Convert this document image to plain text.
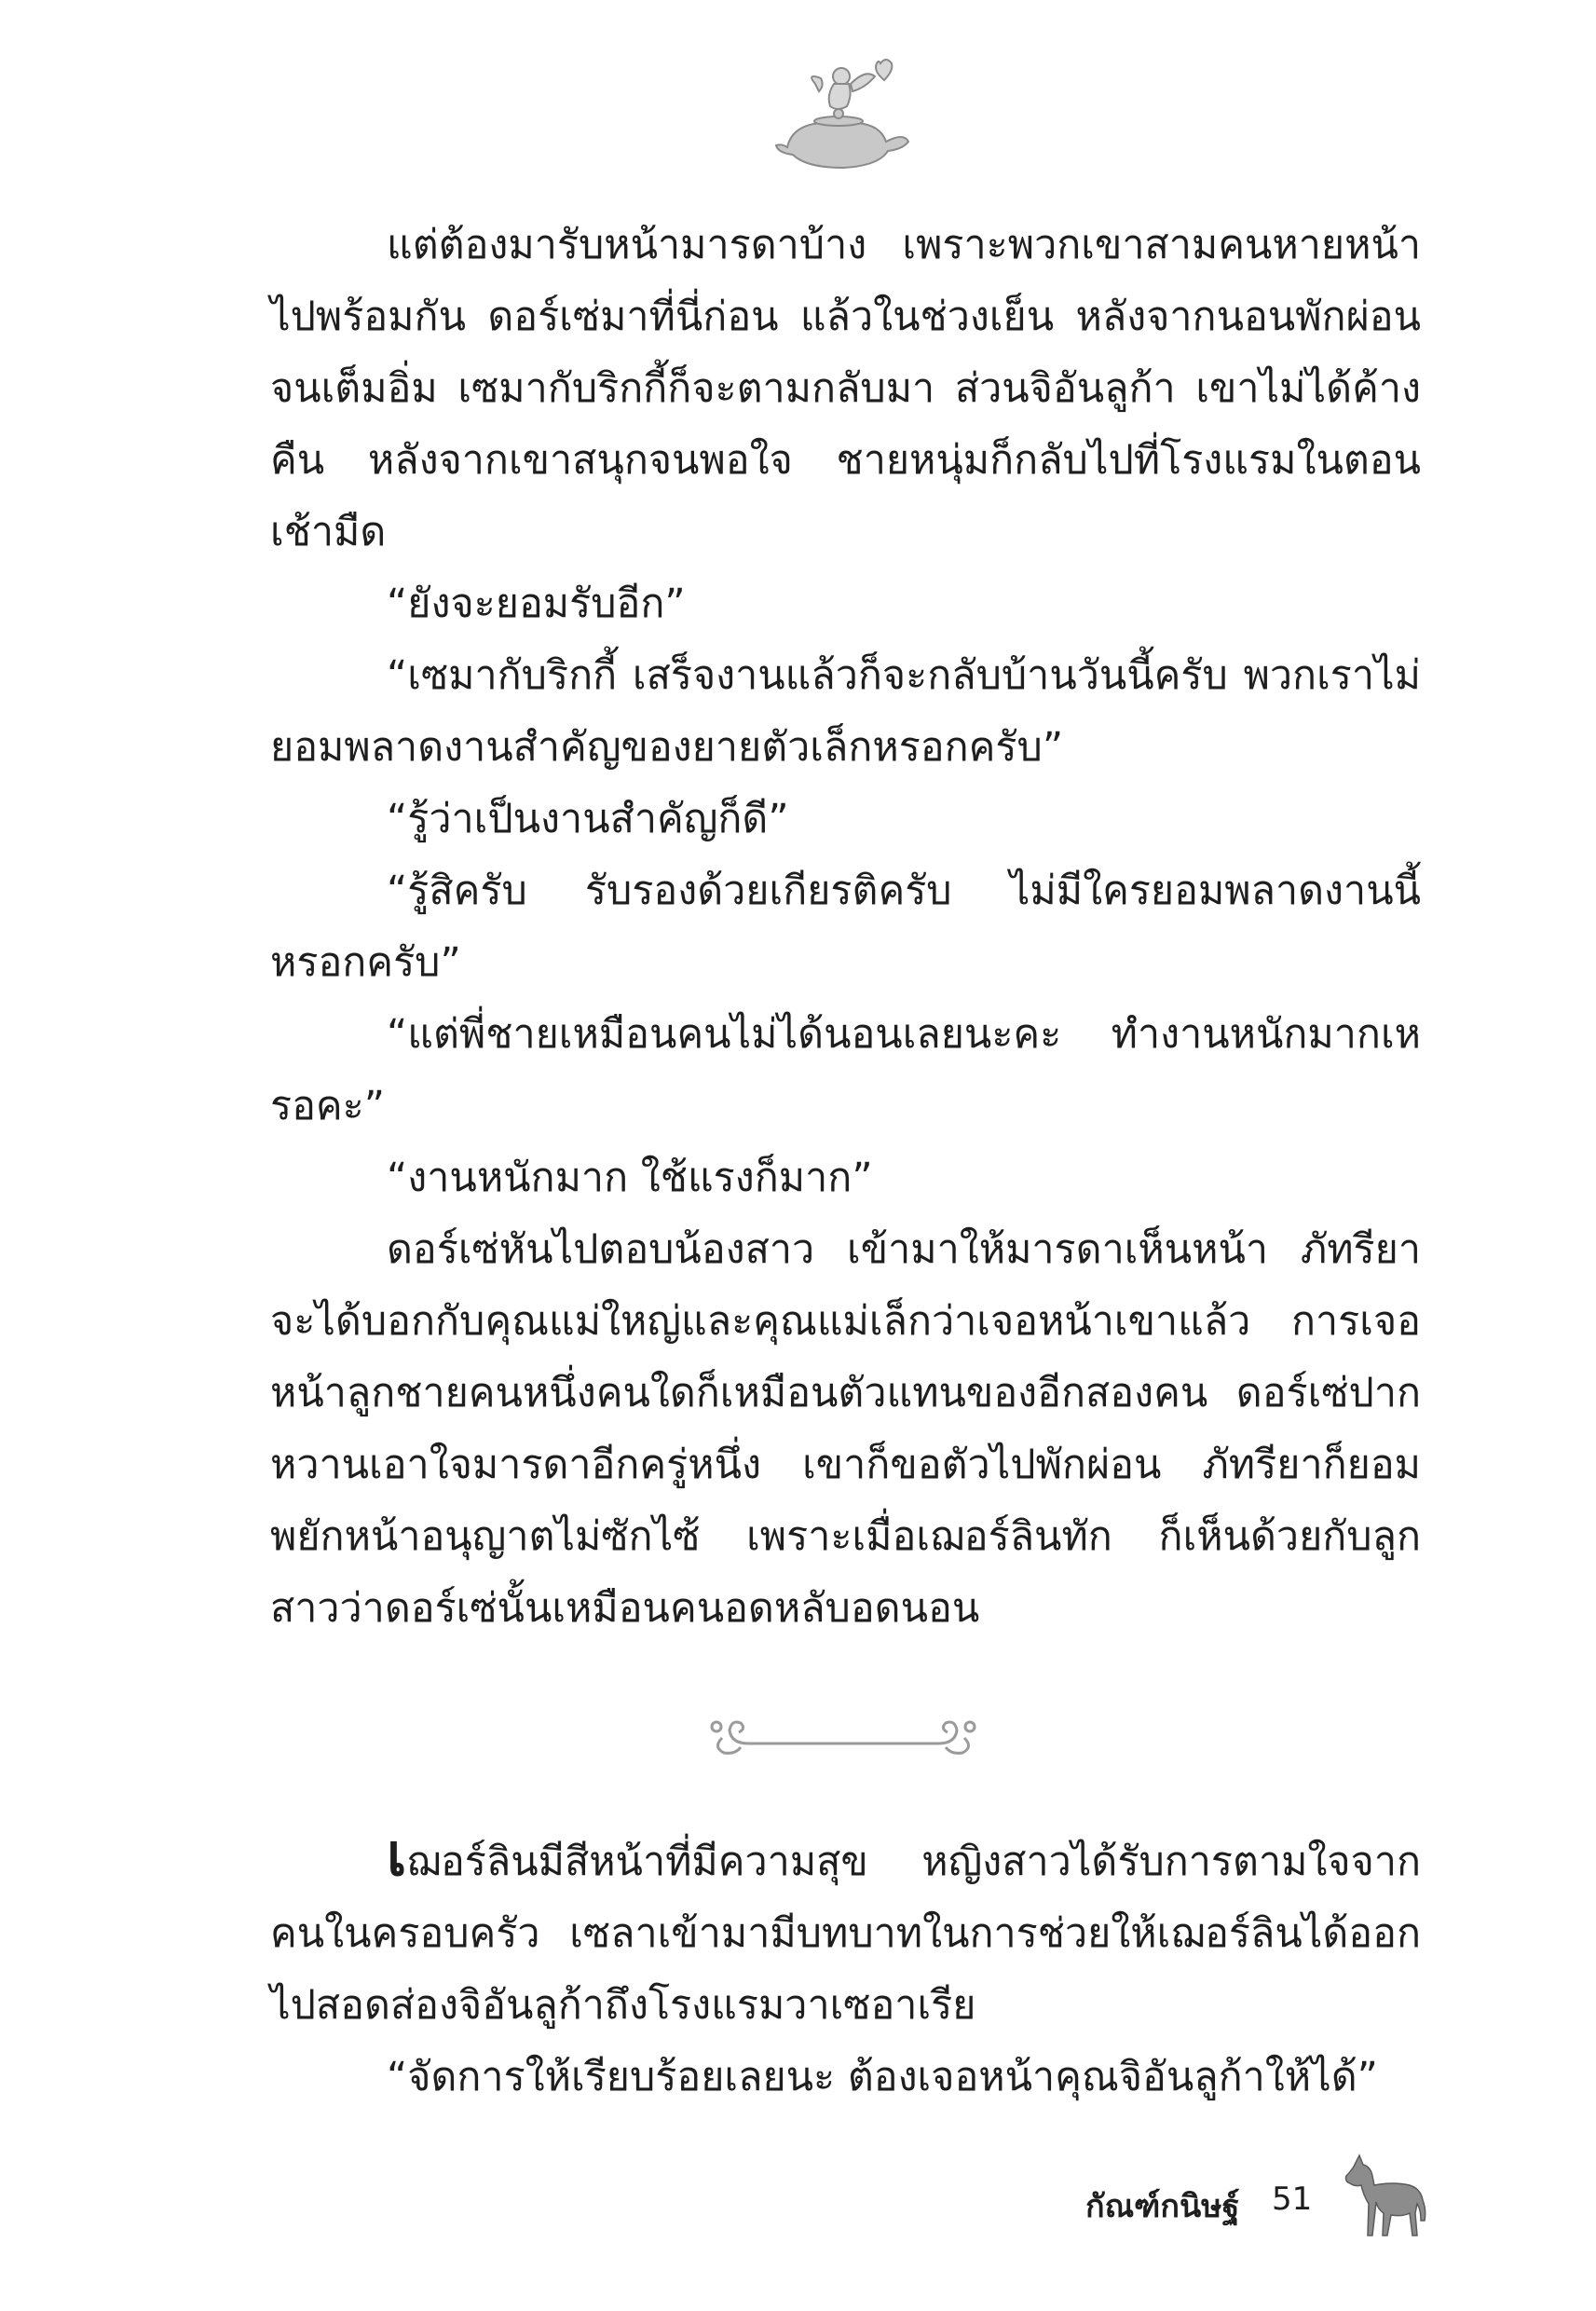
แต่ต้องมารับหน้ามารดาบ้าง เพราะพวกเขาสามคนหายหน้าไปพร้อมกัน ดอร์เซ่มาที่นี่ก่อน แล้วในช่วงเย็น หลังจากนอนพักผ่อนจนเต็มอิ่ม เซมากับริกกี้ก็จะตามกลับมา ส่วนจิอันลูก้า เขาไม่ได้ค้างคืน หลังจากเขาสนุกจนพอใจ ชายหนุ่มก็กลับไปที่โรงแรมในตอนเช้ามืด

“ยังจะยอมรับอีก”

“เซมากับริกกี้ เสร็จงานแล้วก็จะกลับบ้านวันนี้ครับ พวกเราไม่ยอมพลาดงานสำคัญของยายตัวเล็กหรอกครับ”

“รู้ว่าเป็นงานสำคัญก็ดี”

“รู้สิครับ รับรองด้วยเกียรติครับ ไม่มีใครยอมพลาดงานนี้หรอกครับ”

“แต่พี่ชายเหมือนคนไม่ได้นอนเลยนะคะ ทำงานหนักมากเหรอคะ”

“งานหนักมาก ใช้แรงก็มาก”

ดอร์เซ่หันไปตอบน้องสาว เข้ามาให้มารดาเห็นหน้า ภัทรียาจะได้บอกกับคุณแม่ใหญ่และคุณแม่เล็กว่าเจอหน้าเขาแล้ว การเจอหน้าลูกชายคนหนึ่งคนใดก็เหมือนตัวแทนของอีกสองคน ดอร์เซ่ปากหวานเอาใจมารดาอีกครู่หนึ่ง เขาก็ขอตัวไปพักผ่อน ภัทรียาก็ยอมพยักหน้าอนุญาตไม่ซักไซ้ เพราะเมื่อเฌอร์ลินทัก ก็เห็นด้วยกับลูกสาวว่าดอร์เซ่นั้นเหมือนคนอดหลับอดนอน

เฌอร์ลินมีสีหน้าที่มีความสุข หญิงสาวได้รับการตามใจจากคนในครอบครัว เซลาเข้ามามีบทบาทในการช่วยให้เฌอร์ลินได้ออกไปสอดส่องจิอันลูก้าถึงโรงแรมวาเซอาเรีย

“จัดการให้เรียบร้อยเลยนะ ต้องเจอหน้าคุณจิอันลูก้าให้ได้”

กัณฑ์กนิษฐ์ 51
